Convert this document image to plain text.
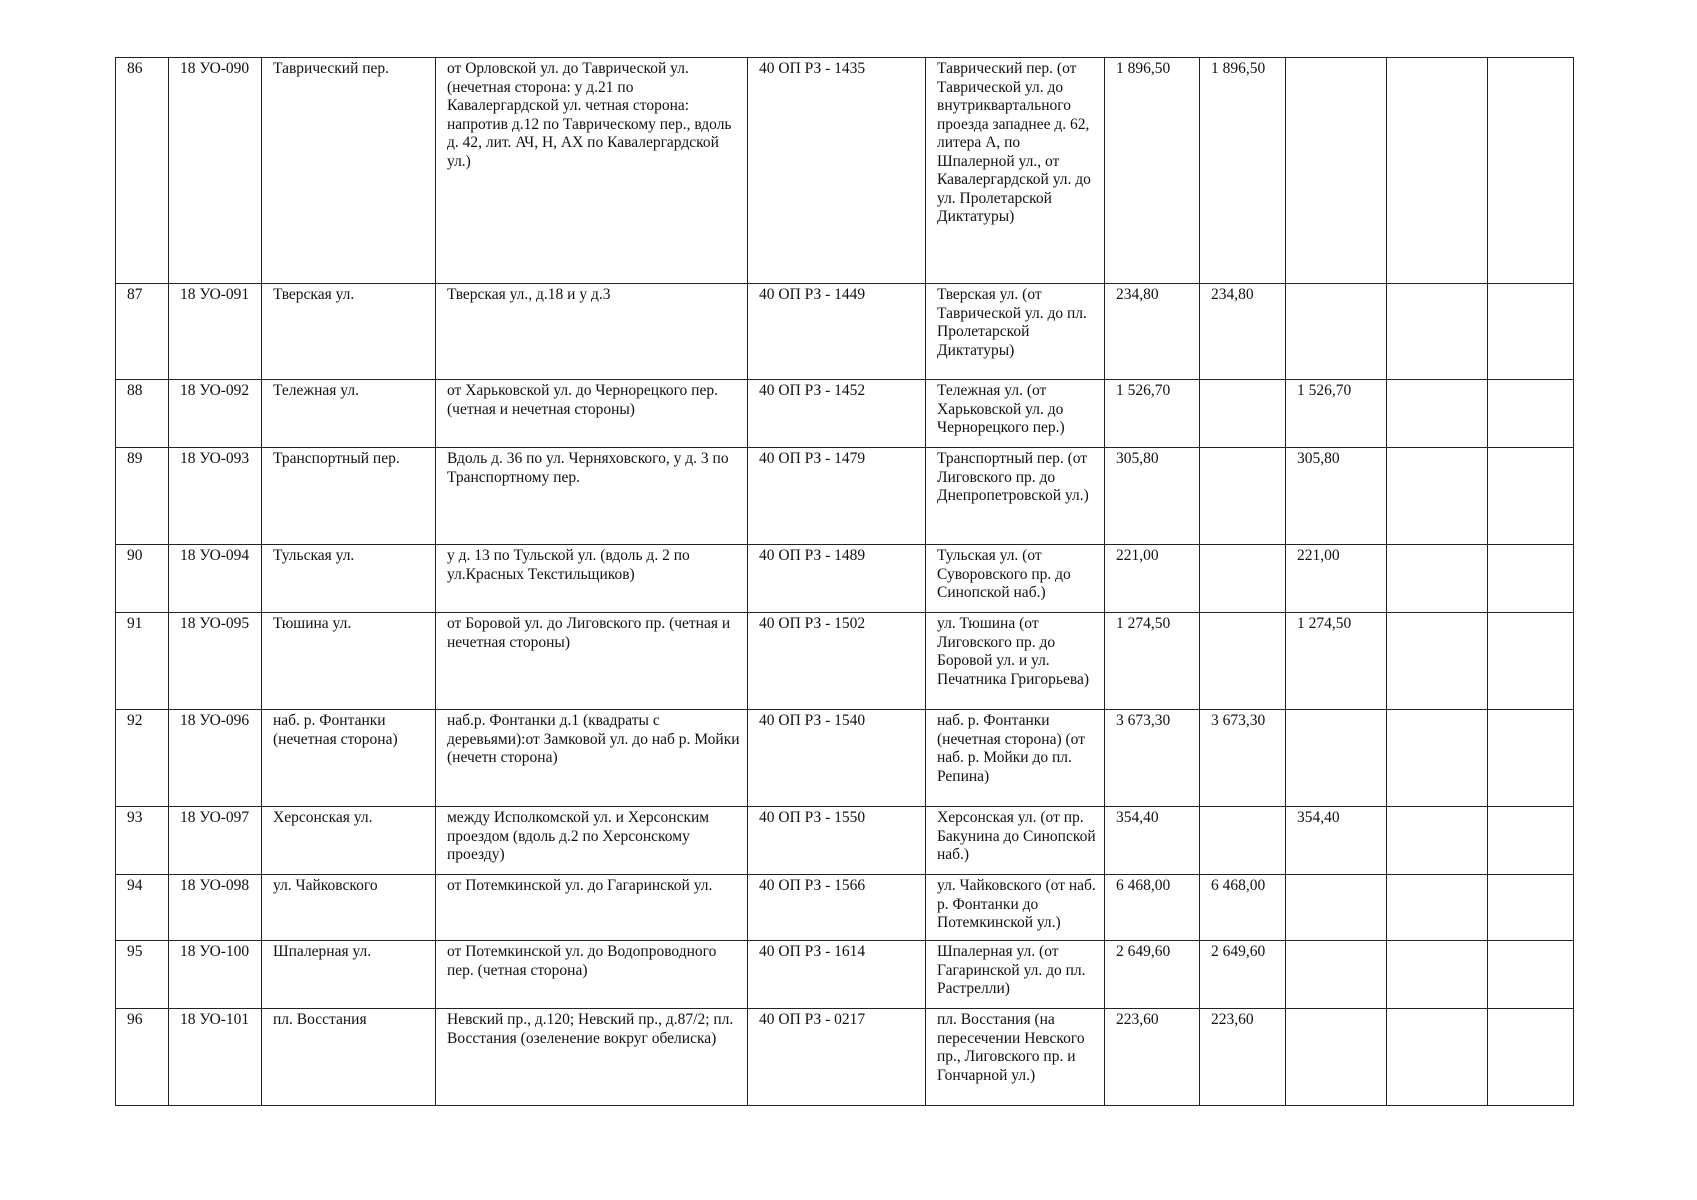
86	18 УО-090	Таврический пер.	от Орловской ул. до Таврической ул. (нечетная сторона: у д.21 по Кавалергардской ул. четная сторона: напротив д.12 по Таврическому пер., вдоль д. 42, лит. АЧ, Н, АХ по Кавалергардской ул.)	40 ОП РЗ - 1435	Таврический пер. (от Таврической ул. до внутриквартального проезда западнее д. 62, литера А, по Шпалерной ул., от Кавалергардской ул. до ул. Пролетарской Диктатуры)	1 896,50	1 896,50			
87	18 УО-091	Тверская ул.	Тверская ул., д.18 и у д.3	40 ОП РЗ - 1449	Тверская ул. (от Таврической ул. до пл. Пролетарской Диктатуры)	234,80	234,80			
88	18 УО-092	Тележная ул.	от Харьковской ул. до Чернорецкого пер. (четная и нечетная стороны)	40 ОП РЗ - 1452	Тележная ул. (от Харьковской ул. до Чернорецкого пер.)	1 526,70		1 526,70		
89	18 УО-093	Транспортный пер.	Вдоль д. 36 по ул. Черняховского, у д. 3 по Транспортному пер.	40 ОП РЗ - 1479	Транспортный пер. (от Лиговского пр. до Днепропетровской ул.)	305,80		305,80		
90	18 УО-094	Тульская ул.	у д. 13 по Тульской ул. (вдоль д. 2 по ул.Красных Текстильщиков)	40 ОП РЗ - 1489	Тульская ул. (от Суворовского пр. до Синопской наб.)	221,00		221,00		
91	18 УО-095	Тюшина ул.	от Боровой ул. до Лиговского пр. (четная и нечетная стороны)	40 ОП РЗ - 1502	ул. Тюшина (от Лиговского пр. до Боровой ул. и ул. Печатника Григорьева)	1 274,50		1 274,50		
92	18 УО-096	наб. р. Фонтанки (нечетная сторона)	наб.р. Фонтанки д.1 (квадраты с деревьями):от Замковой ул. до наб р. Мойки (нечетн сторона)	40 ОП РЗ - 1540	наб. р. Фонтанки (нечетная сторона) (от наб. р. Мойки до пл. Репина)	3 673,30	3 673,30			
93	18 УО-097	Херсонская ул.	между Исполкомской ул. и Херсонским проездом (вдоль д.2 по Херсонскому проезду)	40 ОП РЗ - 1550	Херсонская ул. (от пр. Бакунина до Синопской наб.)	354,40		354,40		
94	18 УО-098	ул. Чайковского	от Потемкинской ул. до Гагаринской ул.	40 ОП РЗ - 1566	ул. Чайковского (от наб. р. Фонтанки до Потемкинской ул.)	6 468,00	6 468,00			
95	18 УО-100	Шпалерная ул.	от Потемкинской ул. до Водопроводного пер. (четная сторона)	40 ОП РЗ - 1614	Шпалерная ул. (от Гагаринской ул. до пл. Растрелли)	2 649,60	2 649,60			
96	18 УО-101	пл. Восстания	Невский пр., д.120; Невский пр., д.87/2; пл. Восстания (озеленение вокруг обелиска)	40 ОП РЗ - 0217	пл. Восстания (на пересечении Невского пр., Лиговского пр. и Гончарной ул.)	223,60	223,60			
